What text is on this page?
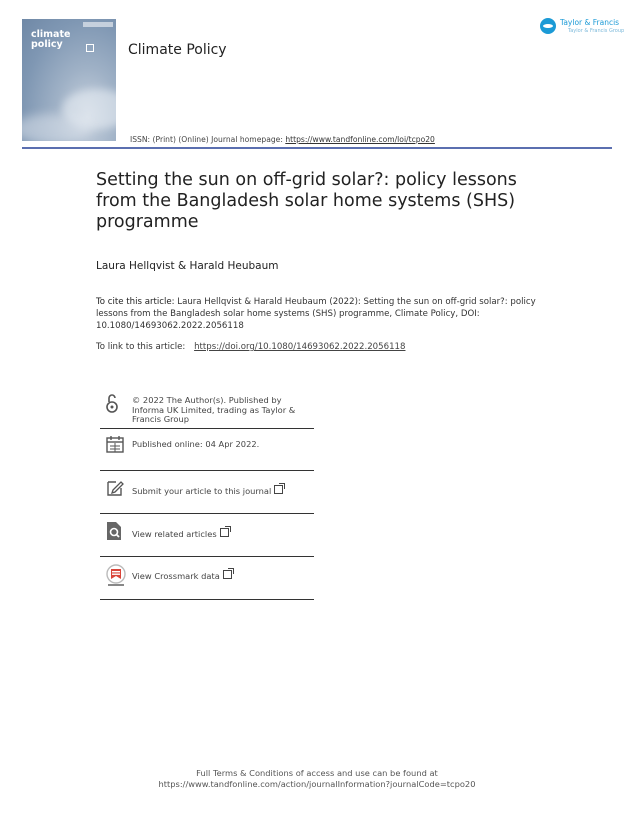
climate
policy	Climate Policy
ISSN: (Print) (Online) Journal homepage: https://www.tandfonline.com/loi/tcpo20
Taylor & Francis
Taylor & Francis Group
Setting the sun on off-grid solar?: policy lessons from the Bangladesh solar home systems (SHS) programme
Laura Hellqvist & Harald Heubaum
To cite this article: Laura Hellqvist & Harald Heubaum (2022): Setting the sun on off-grid solar?: policy lessons from the Bangladesh solar home systems (SHS) programme, Climate Policy, DOI: 10.1080/14693062.2022.2056118
To link to this article: https://doi.org/10.1080/14693062.2022.2056118
© 2022 The Author(s). Published by Informa UK Limited, trading as Taylor & Francis Group
Published online: 04 Apr 2022.
Submit your article to this journal
View related articles
View Crossmark data
Full Terms & Conditions of access and use can be found at
https://www.tandfonline.com/action/journalInformation?journalCode=tcpo20
